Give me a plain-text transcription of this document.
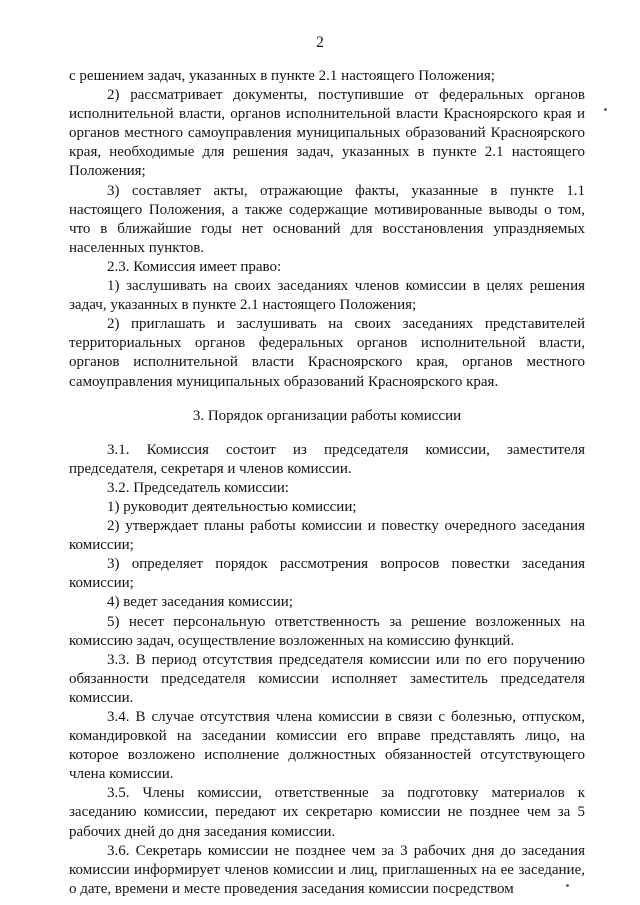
2

с решением задач, указанных в пункте 2.1 настоящего Положения;

2) рассматривает документы, поступившие от федеральных органов исполнительной власти, органов исполнительной власти Красноярского края и органов местного самоуправления муниципальных образований Красноярского края, необходимые для решения задач, указанных в пункте 2.1 настоящего Положения;

3) составляет акты, отражающие факты, указанные в пункте 1.1 настоящего Положения, а также содержащие мотивированные выводы о том, что в ближайшие годы нет оснований для восстановления упраздняемых населенных пунктов.

2.3. Комиссия имеет право:

1) заслушивать на своих заседаниях членов комиссии в целях решения задач, указанных в пункте 2.1 настоящего Положения;

2) приглашать и заслушивать на своих заседаниях представителей территориальных органов федеральных органов исполнительной власти, органов исполнительной власти Красноярского края, органов местного самоуправления муниципальных образований Красноярского края.

3. Порядок организации работы комиссии

3.1. Комиссия состоит из председателя комиссии, заместителя председателя, секретаря и членов комиссии.

3.2. Председатель комиссии:

1) руководит деятельностью комиссии;

2) утверждает планы работы комиссии и повестку очередного заседания комиссии;

3) определяет порядок рассмотрения вопросов повестки заседания комиссии;

4) ведет заседания комиссии;

5) несет персональную ответственность за решение возложенных на комиссию задач, осуществление возложенных на комиссию функций.

3.3. В период отсутствия председателя комиссии или по его поручению обязанности председателя комиссии исполняет заместитель председателя комиссии.

3.4. В случае отсутствия члена комиссии в связи с болезнью, отпуском, командировкой на заседании комиссии его вправе представлять лицо, на которое возложено исполнение должностных обязанностей отсутствующего члена комиссии.

3.5. Члены комиссии, ответственные за подготовку материалов к заседанию комиссии, передают их секретарю комиссии не позднее чем за 5 рабочих дней до дня заседания комиссии.

3.6. Секретарь комиссии не позднее чем за 3 рабочих дня до заседания комиссии информирует членов комиссии и лиц, приглашенных на ее заседание, о дате, времени и месте проведения заседания комиссии посредством
